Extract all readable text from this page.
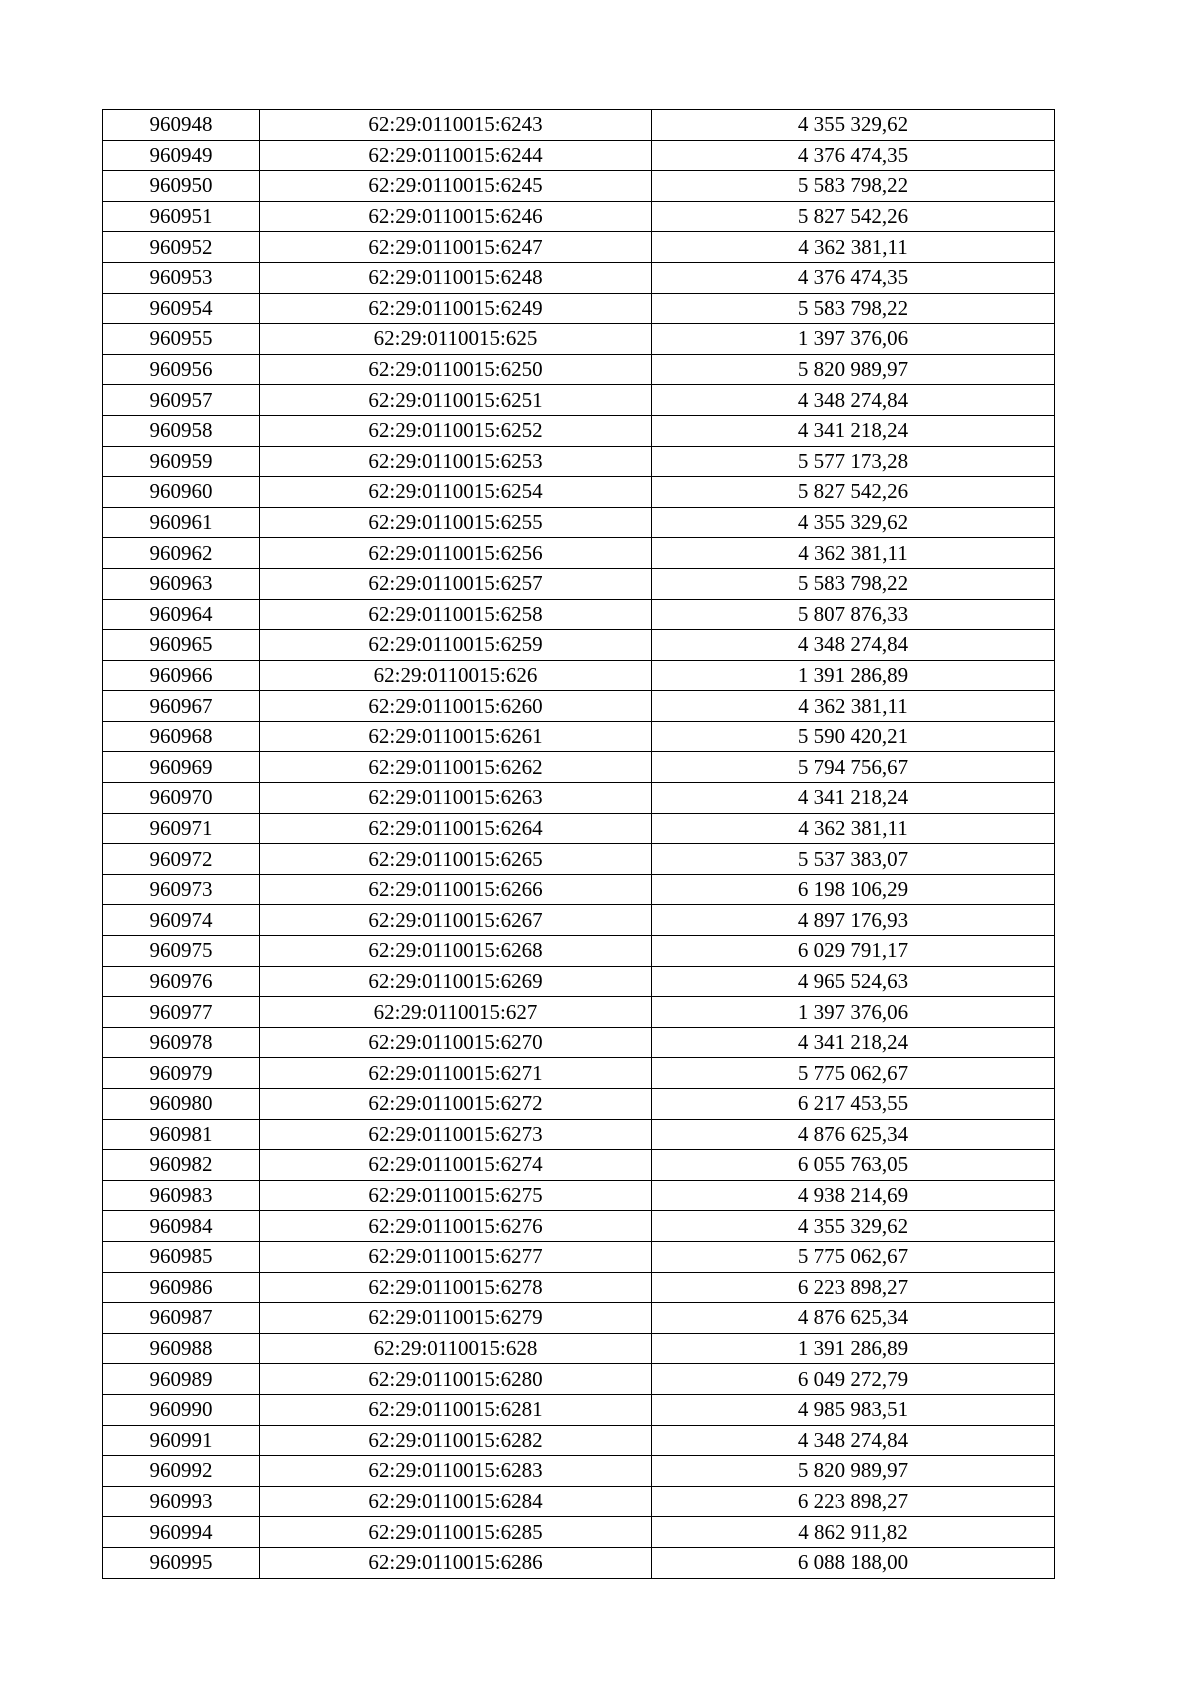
960948	62:29:0110015:6243	4 355 329,62
960949	62:29:0110015:6244	4 376 474,35
960950	62:29:0110015:6245	5 583 798,22
960951	62:29:0110015:6246	5 827 542,26
960952	62:29:0110015:6247	4 362 381,11
960953	62:29:0110015:6248	4 376 474,35
960954	62:29:0110015:6249	5 583 798,22
960955	62:29:0110015:625	1 397 376,06
960956	62:29:0110015:6250	5 820 989,97
960957	62:29:0110015:6251	4 348 274,84
960958	62:29:0110015:6252	4 341 218,24
960959	62:29:0110015:6253	5 577 173,28
960960	62:29:0110015:6254	5 827 542,26
960961	62:29:0110015:6255	4 355 329,62
960962	62:29:0110015:6256	4 362 381,11
960963	62:29:0110015:6257	5 583 798,22
960964	62:29:0110015:6258	5 807 876,33
960965	62:29:0110015:6259	4 348 274,84
960966	62:29:0110015:626	1 391 286,89
960967	62:29:0110015:6260	4 362 381,11
960968	62:29:0110015:6261	5 590 420,21
960969	62:29:0110015:6262	5 794 756,67
960970	62:29:0110015:6263	4 341 218,24
960971	62:29:0110015:6264	4 362 381,11
960972	62:29:0110015:6265	5 537 383,07
960973	62:29:0110015:6266	6 198 106,29
960974	62:29:0110015:6267	4 897 176,93
960975	62:29:0110015:6268	6 029 791,17
960976	62:29:0110015:6269	4 965 524,63
960977	62:29:0110015:627	1 397 376,06
960978	62:29:0110015:6270	4 341 218,24
960979	62:29:0110015:6271	5 775 062,67
960980	62:29:0110015:6272	6 217 453,55
960981	62:29:0110015:6273	4 876 625,34
960982	62:29:0110015:6274	6 055 763,05
960983	62:29:0110015:6275	4 938 214,69
960984	62:29:0110015:6276	4 355 329,62
960985	62:29:0110015:6277	5 775 062,67
960986	62:29:0110015:6278	6 223 898,27
960987	62:29:0110015:6279	4 876 625,34
960988	62:29:0110015:628	1 391 286,89
960989	62:29:0110015:6280	6 049 272,79
960990	62:29:0110015:6281	4 985 983,51
960991	62:29:0110015:6282	4 348 274,84
960992	62:29:0110015:6283	5 820 989,97
960993	62:29:0110015:6284	6 223 898,27
960994	62:29:0110015:6285	4 862 911,82
960995	62:29:0110015:6286	6 088 188,00
